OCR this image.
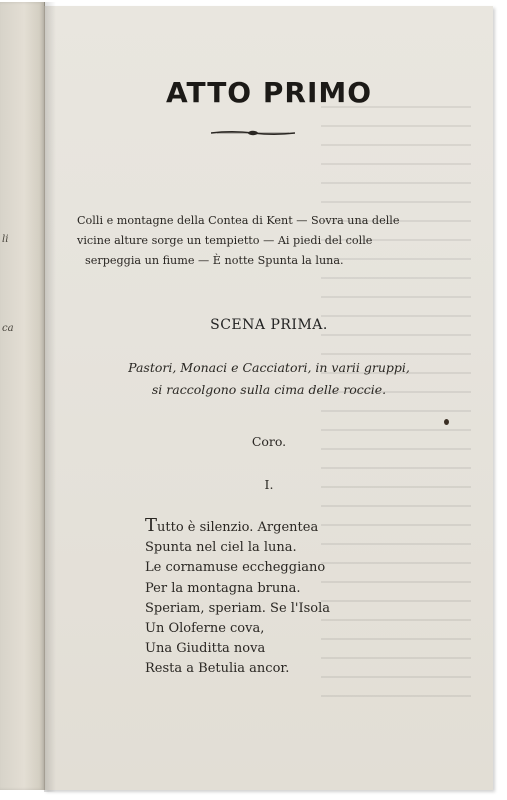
li
ca
ATTO PRIMO
Colli e montagne della Contea di Kent — Sovra una delle
vicine alture sorge un tempietto — Ai piedi del colle
serpeggia un fiume — È notte Spunta la luna.
SCENA PRIMA.
Pastori, Monaci e Cacciatori, in varii gruppi,
si raccolgono sulla cima delle roccie.
Coro.
I.
Tutto è silenzio. Argentea
Spunta nel ciel la luna.
Le cornamuse eccheggiano
Per la montagna bruna.
Speriam, speriam. Se l'Isola
Un Oloferne cova,
Una Giuditta nova
Resta a Betulia ancor.
